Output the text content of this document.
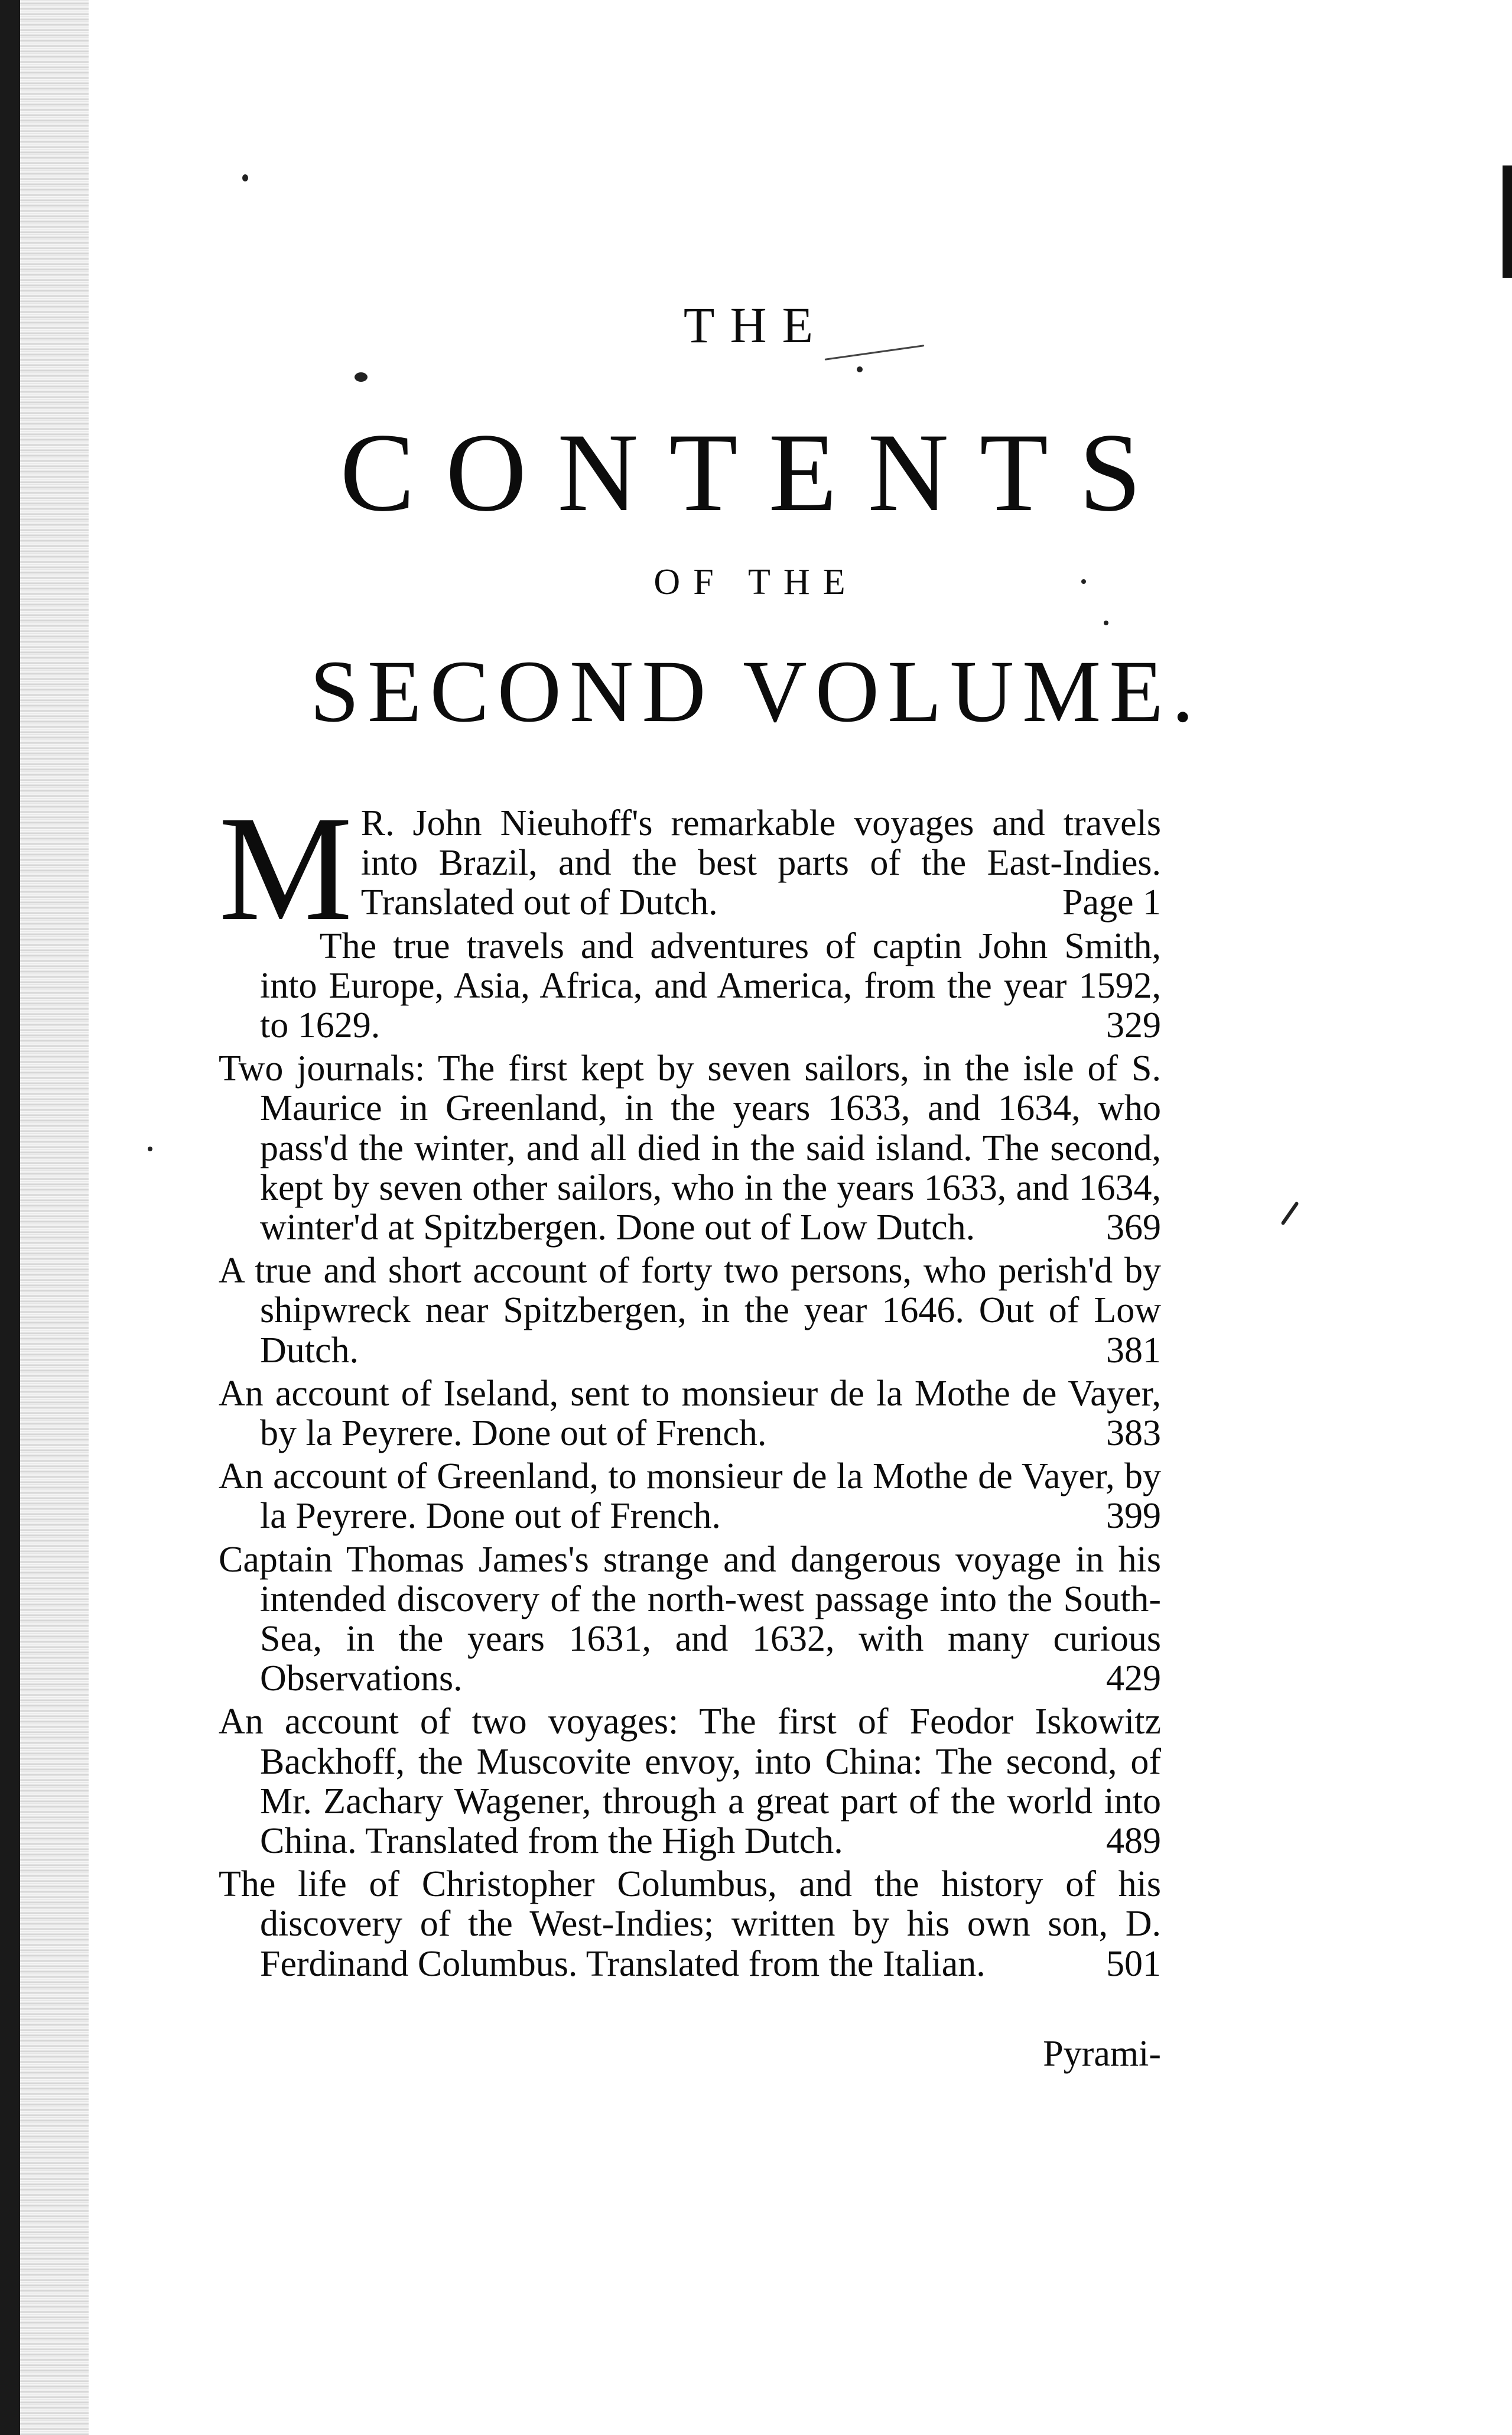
THE
CONTENTS
OF THE
SECOND VOLUME.
M R. John Nieuhoff's remarkable voyages and travels into Brazil, and the best parts of the East-Indies. Translated out of Dutch.	Page 1
The true travels and adventures of captin John Smith, into Europe, Asia, Africa, and America, from the year 1592, to 1629.	329
Two journals: The first kept by seven sailors, in the isle of S. Maurice in Greenland, in the years 1633, and 1634, who pass'd the winter, and all died in the said island. The second, kept by seven other sailors, who in the years 1633, and 1634, winter'd at Spitzbergen. Done out of Low Dutch.	369
A true and short account of forty two persons, who perish'd by shipwreck near Spitzbergen, in the year 1646. Out of Low Dutch.	381
An account of Iseland, sent to monsieur de la Mothe de Vayer, by la Peyrere. Done out of French.	383
An account of Greenland, to monsieur de la Mothe de Vayer, by la Peyrere. Done out of French.	399
Captain Thomas James's strange and dangerous voyage in his intended discovery of the north-west passage into the South-Sea, in the years 1631, and 1632, with many curious Observations.	429
An account of two voyages: The first of Feodor Iskowitz Backhoff, the Muscovite envoy, into China: The second, of Mr. Zachary Wagener, through a great part of the world into China. Translated from the High Dutch.	489
The life of Christopher Columbus, and the history of his discovery of the West-Indies; written by his own son, D. Ferdinand Columbus. Translated from the Italian.	501
Pyrami-
